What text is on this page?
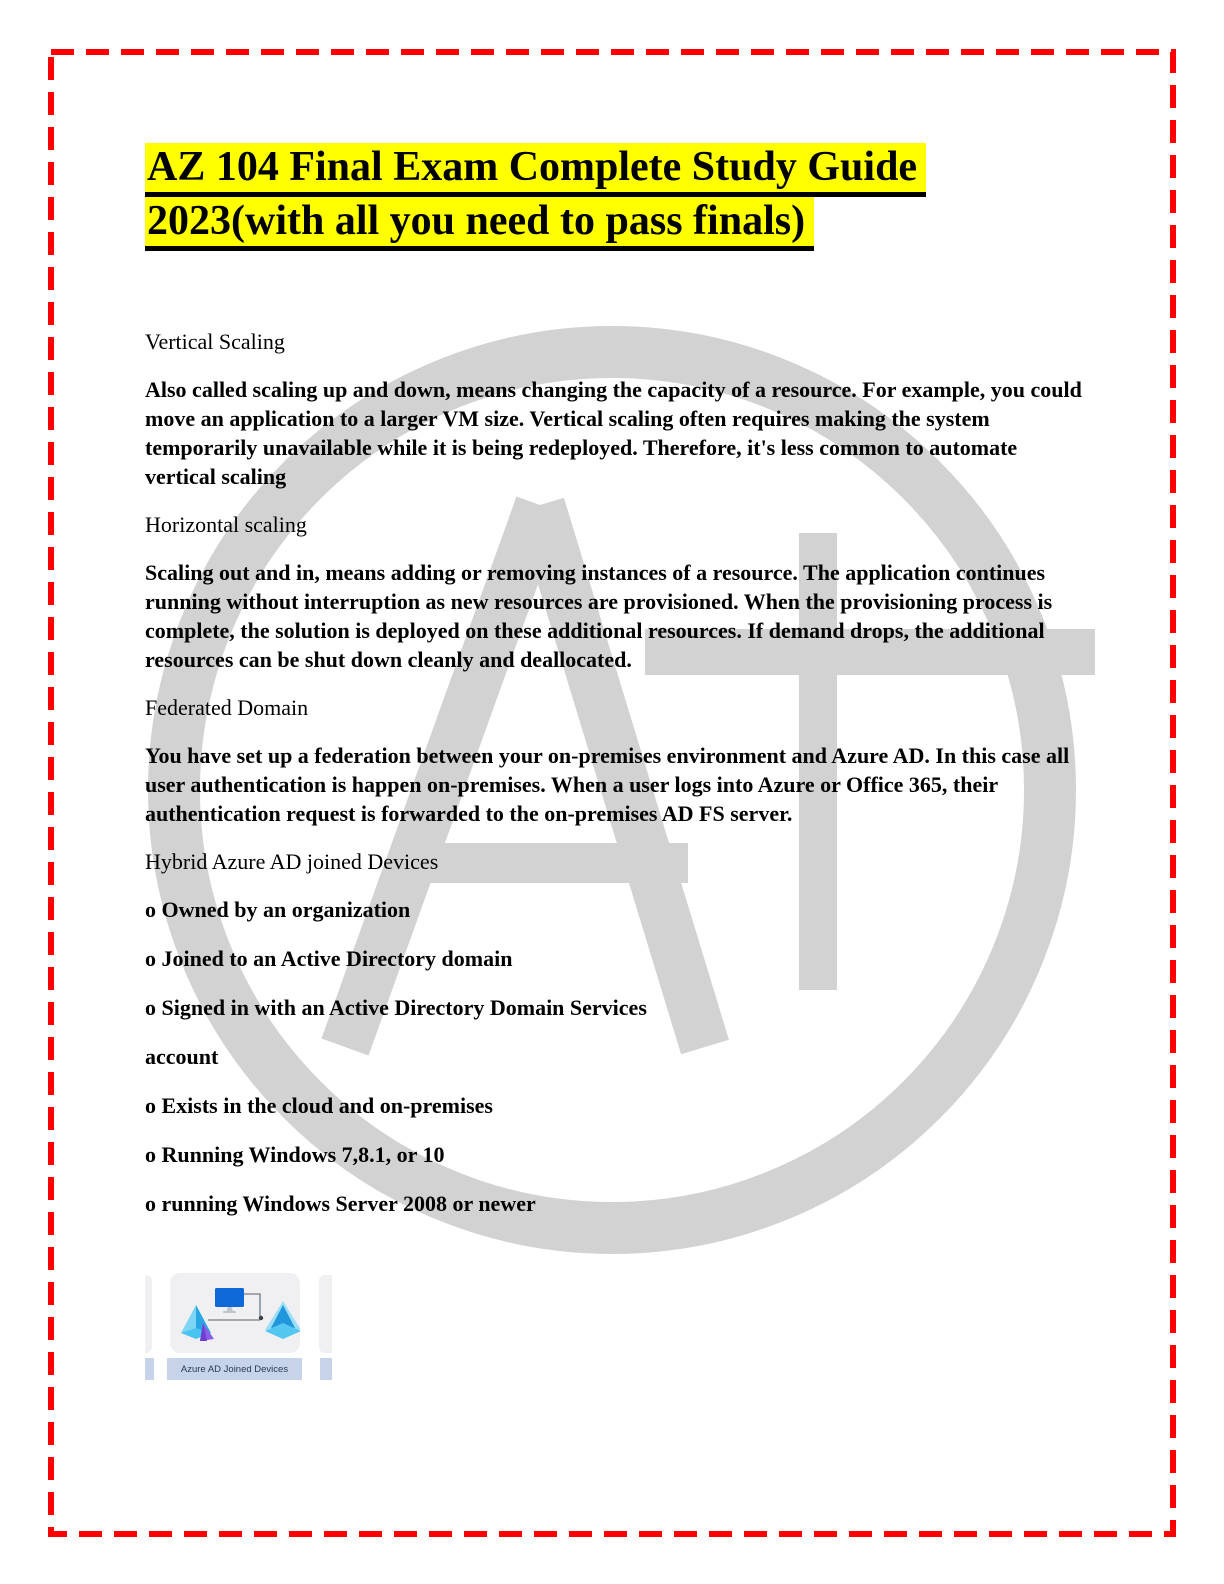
AZ 104 Final Exam Complete Study Guide
2023(with all you need to pass finals)
Vertical Scaling
Also called scaling up and down, means changing the capacity of a resource. For example, you could move an application to a larger VM size. Vertical scaling often requires making the system temporarily unavailable while it is being redeployed. Therefore, it's less common to automate vertical scaling
Horizontal scaling
Scaling out and in, means adding or removing instances of a resource. The application continues running without interruption as new resources are provisioned. When the provisioning process is complete, the solution is deployed on these additional resources. If demand drops, the additional resources can be shut down cleanly and deallocated.
Federated Domain
You have set up a federation between your on-premises environment and Azure AD. In this case all user authentication is happen on-premises. When a user logs into Azure or Office 365, their authentication request is forwarded to the on-premises AD FS server.
Hybrid Azure AD joined Devices
o Owned by an organization
o Joined to an Active Directory domain
o Signed in with an Active Directory Domain Services
account
o Exists in the cloud and on-premises
o Running Windows 7,8.1, or 10
o running Windows Server 2008 or newer
Azure AD Joined Devices
